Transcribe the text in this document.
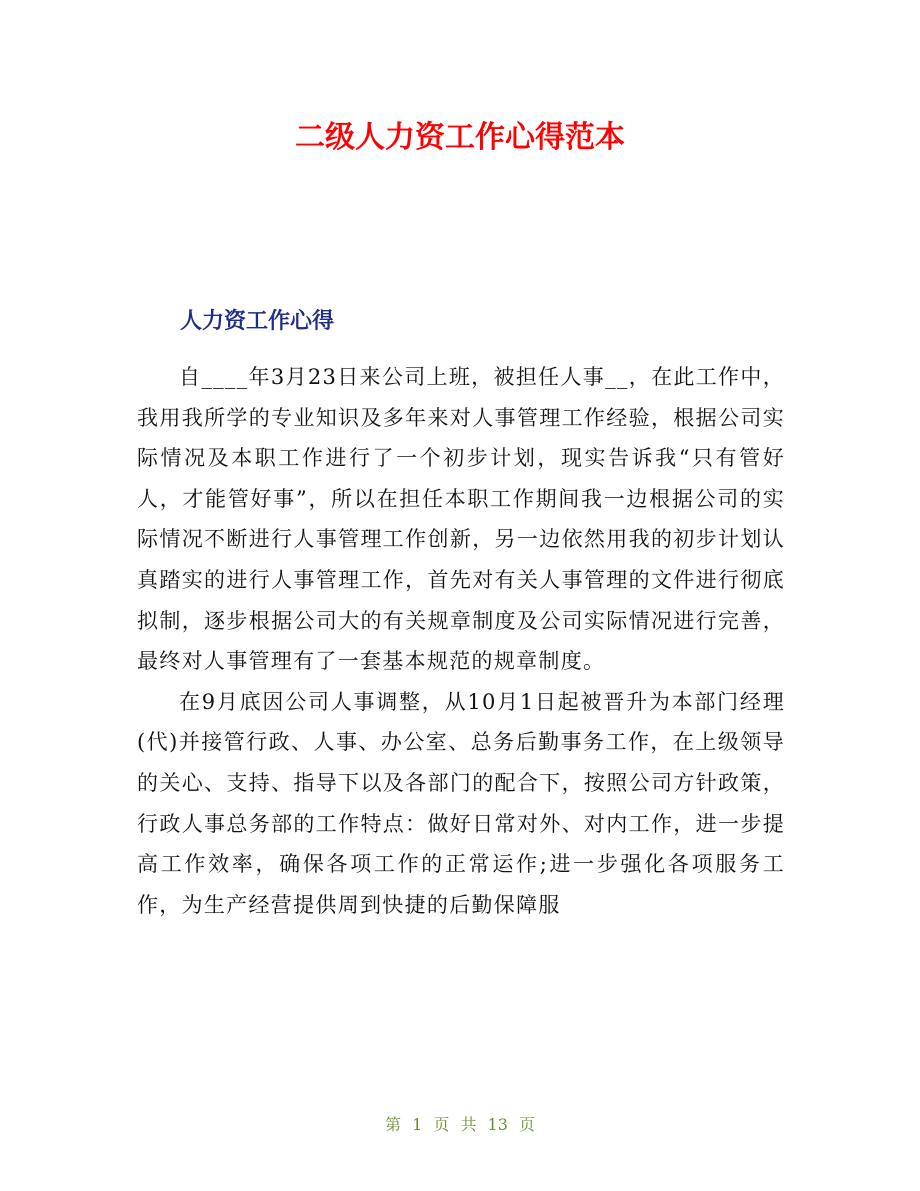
二级人力资工作心得范本
人力资工作心得

自____年3月23日来公司上班，被担任人事__，在此工作中，我用我所学的专业知识及多年来对人事管理工作经验，根据公司实际情况及本职工作进行了一个初步计划，现实告诉我“只有管好人，才能管好事”，所以在担任本职工作期间我一边根据公司的实际情况不断进行人事管理工作创新，另一边依然用我的初步计划认真踏实的进行人事管理工作，首先对有关人事管理的文件进行彻底拟制，逐步根据公司大的有关规章制度及公司实际情况进行完善，最终对人事管理有了一套基本规范的规章制度。

在9月底因公司人事调整，从10月1日起被晋升为本部门经理(代)并接管行政、人事、办公室、总务后勤事务工作，在上级领导的关心、支持、指导下以及各部门的配合下，按照公司方针政策，行政人事总务部的工作特点：做好日常对外、对内工作，进一步提高工作效率，确保各项工作的正常运作;进一步强化各项服务工作，为生产经营提供周到快捷的后勤保障服

第 1 页 共 13 页
